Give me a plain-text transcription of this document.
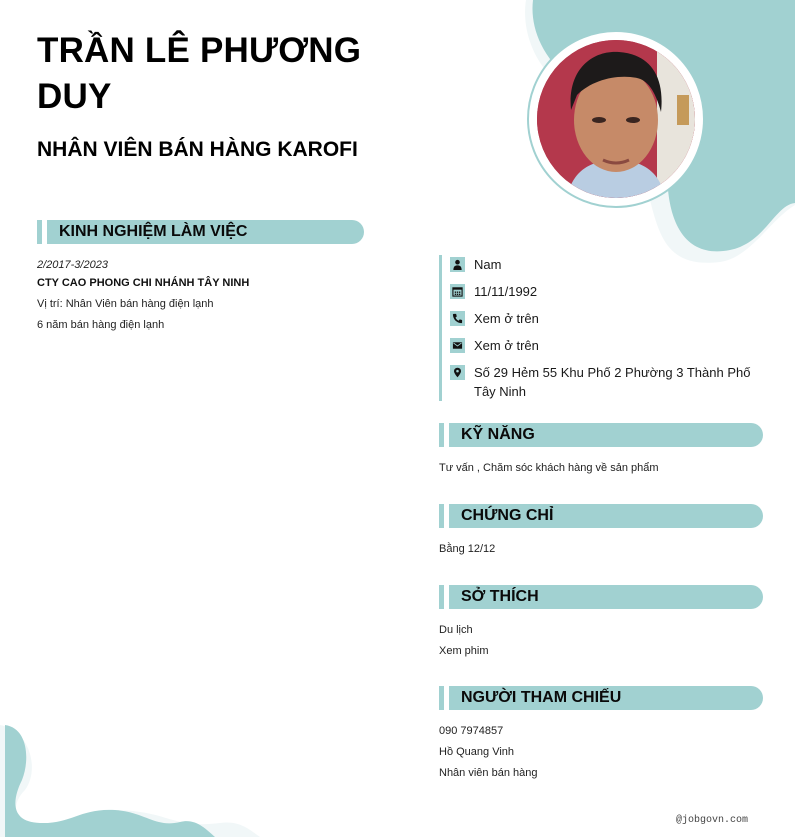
TRẦN LÊ PHƯƠNG DUY
NHÂN VIÊN BÁN HÀNG KAROFI
KINH NGHIỆM LÀM VIỆC
2/2017-3/2023
CTY CAO PHONG CHI NHÁNH TÂY NINH
Vị trí: Nhân Viên bán hàng điện lạnh
6 năm bán hàng điện lạnh
Nam
11/11/1992
Xem ở trên
Xem ở trên
Số 29 Hẻm 55 Khu Phố 2 Phường 3 Thành Phố Tây Ninh
KỸ NĂNG
Tư vấn , Chăm sóc khách hàng về sản phẩm
CHỨNG CHỈ
Bằng 12/12
SỞ THÍCH
Du lịch
Xem phim
NGƯỜI THAM CHIẾU
090 7974857
Hồ Quang Vinh
Nhân viên bán hàng
@jobgovn.com
